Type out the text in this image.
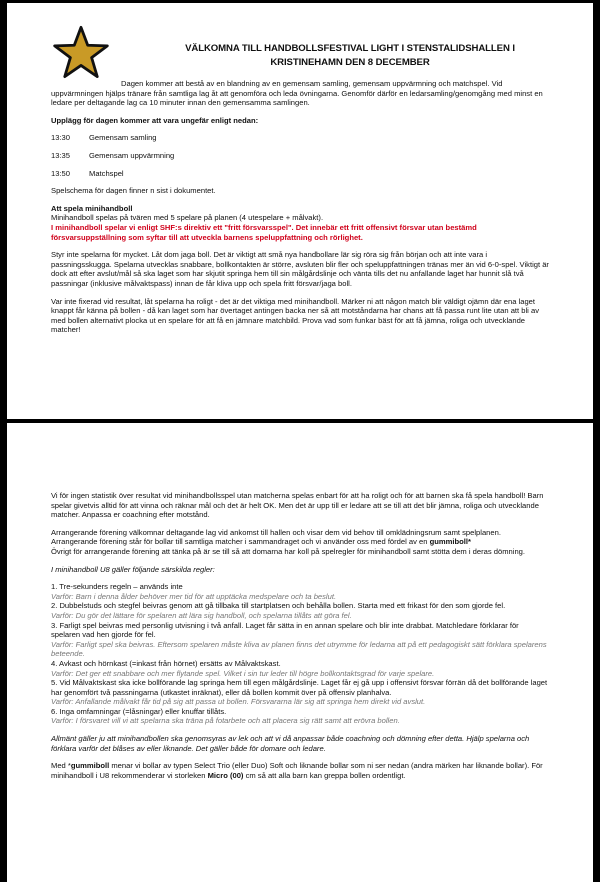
VÄLKOMNA TILL HANDBOLLSFESTIVAL LIGHT I STENSTALIDSHALLEN I KRISTINEHAMN DEN 8 DECEMBER
Dagen kommer att bestå av en blandning av en gemensam samling, gemensam uppvärmning och matchspel. Vid uppvärmningen hjälps tränare från samtliga lag åt att genomföra och leda övningarna. Genomför därför en ledarsamling/genomgång med minst en ledare per deltagande lag ca 10 minuter innan den gemensamma samlingen.
Upplägg för dagen kommer att vara ungefär enligt nedan:
13:30 Gemensam samling
13:35 Gemensam uppvärmning
13:50 Matchspel
Spelschema för dagen finner n sist i dokumentet.
Att spela minihandboll
Minihandboll spelas på tvären med 5 spelare på planen (4 utespelare + målvakt).
I minihandboll spelar vi enligt SHF:s direktiv ett "fritt försvarsspel". Det innebär ett fritt offensivt försvar utan bestämd försvarsuppställning som syftar till att utveckla barnens speluppfattning och rörlighet.
Styr inte spelarna för mycket. Låt dom jaga boll. Det är viktigt att små nya handbollare lär sig röra sig från början och att inte vara i passningsskugga. Spelarna utvecklas snabbare, bollkontakten är större, avsluten blir fler och speluppfattningen tränas mer än vid 6-0-spel. Viktigt är dock att efter avslut/mål så ska laget som har skjutit springa hem till sin målgårdslinje och vänta tills det nu anfallande laget har hunnit slå två passningar (inklusive målvaktspass) innan de får kliva upp och spela fritt försvar/jaga boll.
Var inte fixerad vid resultat, låt spelarna ha roligt - det är det viktiga med minihandboll. Märker ni att någon match blir väldigt ojämn där ena laget knappt får känna på bollen - då kan laget som har övertaget antingen backa ner så att motståndarna har chans att få passa runt lite utan att bli av med bollen alternativt plocka ut en spelare för att få en jämnare matchbild. Prova vad som funkar bäst för att få jämna, roliga och utvecklande matcher!
Vi för ingen statistik över resultat vid minihandbollsspel utan matcherna spelas enbart för att ha roligt och för att barnen ska få spela handboll! Barn spelar givetvis alltid för att vinna och räknar mål och det är helt OK. Men det är upp till er ledare att se till att det blir jämna, roliga och utvecklande matcher. Anpassa er coachning efter motstånd.
Arrangerande förening välkomnar deltagande lag vid ankomst till hallen och visar dem vid behov till omklädningsrum samt spelplanen. Arrangerande förening står för bollar till samtliga matcher i sammandraget och vi använder oss med fördel av en gummiboll*
Övrigt för arrangerande förening att tänka på är se till så att domarna har koll på spelregler för minihandboll samt stötta dem i deras dömning.
I minihandboll U8 gäller följande särskilda regler:
1. Tre-sekunders regeln – används inte
Varför: Barn i denna ålder behöver mer tid för att upptäcka medspelare och ta beslut.
2. Dubbelstuds och stegfel beivras genom att gå tillbaka till startplatsen och behålla bollen. Starta med ett frikast för den som gjorde fel.
Varför: Du gör det lättare för spelaren att lära sig handboll, och spelarna tillåts att göra fel.
3. Farligt spel beivras med personlig utvisning i två anfall. Laget får sätta in en annan spelare och blir inte drabbat. Matchledare förklarar för spelaren vad hen gjorde för fel.
Varför: Farligt spel ska beivras. Eftersom spelaren måste kliva av planen finns det utrymme för ledarna att på ett pedagogiskt sätt förklara spelarens beteende.
4. Avkast och hörnkast (=inkast från hörnet) ersätts av Målvaktskast.
Varför: Det ger ett snabbare och mer flytande spel. Vilket i sin tur leder till högre bollkontaktsgrad för varje spelare.
5. Vid Målvaktskast ska icke bollförande lag springa hem till egen målgårdslinje. Laget får ej gå upp i offensivt försvar förrän då det bollförande laget har genomfört två passningarna (utkastet inräknat), eller då bollen kommit över på offensiv planhalva.
Varför: Anfallande målvakt får tid på sig att passa ut bollen. Försvararna lär sig att springa hem direkt vid avslut.
6. Inga omfamningar (=låsningar) eller knuffar tillåts.
Varför: I försvaret vill vi att spelarna ska träna på fotarbete och att placera sig rätt samt att erövra bollen.
Allmänt gäller ju att minihandbollen ska genomsyras av lek och att vi då anpassar både coachning och dömning efter detta. Hjälp spelarna och förklara varför det blåses av eller liknande. Det gäller både för domare och ledare.
Med *gummiboll menar vi bollar av typen Select Trio (eller Duo) Soft och liknande bollar som ni ser nedan (andra märken har liknande bollar). För minihandboll i U8 rekommenderar vi storleken Micro (00) cm så att alla barn kan greppa bollen ordentligt.
